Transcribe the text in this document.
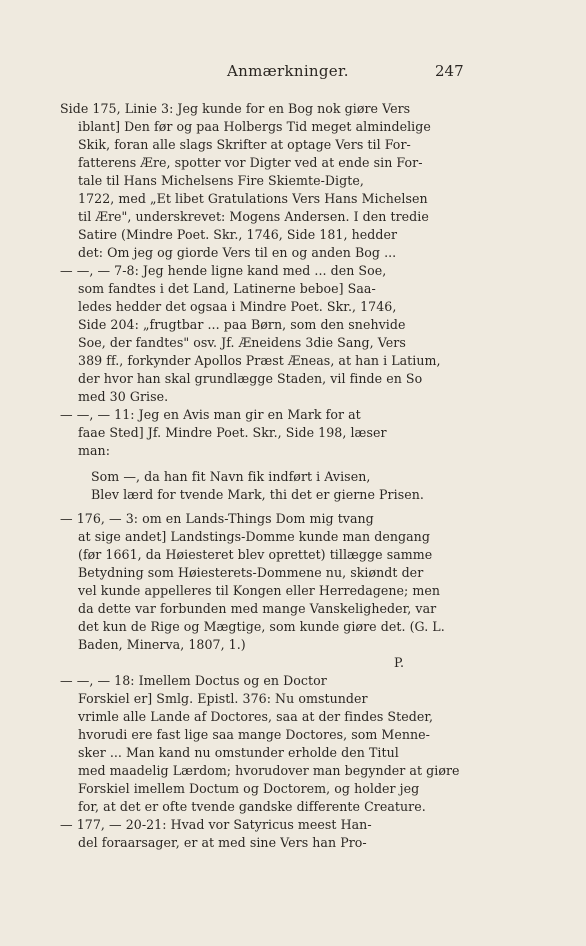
Anmærkninger.	247
Side 175, Linie 3: Jeg kunde for en Bog nok giøre Vers
iblant] Den før og paa Holbergs Tid meget almindelige
Skik, foran alle slags Skrifter at optage Vers til For-
fatterens Ære, spotter vor Digter ved at ende sin For-
tale til Hans Michelsens Fire Skiemte-Digte,
1722, med „Et libet Gratulations Vers Hans Michelsen
til Ære", underskrevet: Mogens Andersen. I den tredie
Satire (Mindre Poet. Skr., 1746, Side 181, hedder
det: Om jeg og giorde Vers til en og anden Bog ...
— —, — 7-8: Jeg hende ligne kand med ... den Soe,
som fandtes i det Land, Latinerne beboe] Saa-
ledes hedder det ogsaa i Mindre Poet. Skr., 1746,
Side 204: „frugtbar ... paa Børn, som den snehvide
Soe, der fandtes" osv. Jf. Æneidens 3die Sang, Vers
389 ff., forkynder Apollos Præst Æneas, at han i Latium,
der hvor han skal grundlægge Staden, vil finde en So
med 30 Grise.
— —, — 11: Jeg en Avis man gir en Mark for at
faae Sted] Jf. Mindre Poet. Skr., Side 198, læser
man:
Som —, da han fit Navn fik indført i Avisen,
Blev lærd for tvende Mark, thi det er gierne Prisen.
— 176, — 3: om en Lands-Things Dom mig tvang
at sige andet] Landstings-Domme kunde man dengang
(før 1661, da Høiesteret blev oprettet) tillægge samme
Betydning som Høiesterets-Dommene nu, skiøndt der
vel kunde appelleres til Kongen eller Herredagene; men
da dette var forbunden med mange Vanskeligheder, var
det kun de Rige og Mægtige, som kunde giøre det. (G. L.
Baden, Minerva, 1807, 1.)
P.
— —, — 18: Imellem Doctus og en Doctor
Forskiel er] Smlg. Epistl. 376: Nu omstunder
vrimle alle Lande af Doctores, saa at der findes Steder,
hvorudi ere fast lige saa mange Doctores, som Menne-
sker ... Man kand nu omstunder erholde den Titul
med maadelig Lærdom; hvorudover man begynder at giøre
Forskiel imellem Doctum og Doctorem, og holder jeg
for, at det er ofte tvende gandske differente Creature.
— 177, — 20-21: Hvad vor Satyricus meest Han-
del foraarsager, er at med sine Vers han Pro-
